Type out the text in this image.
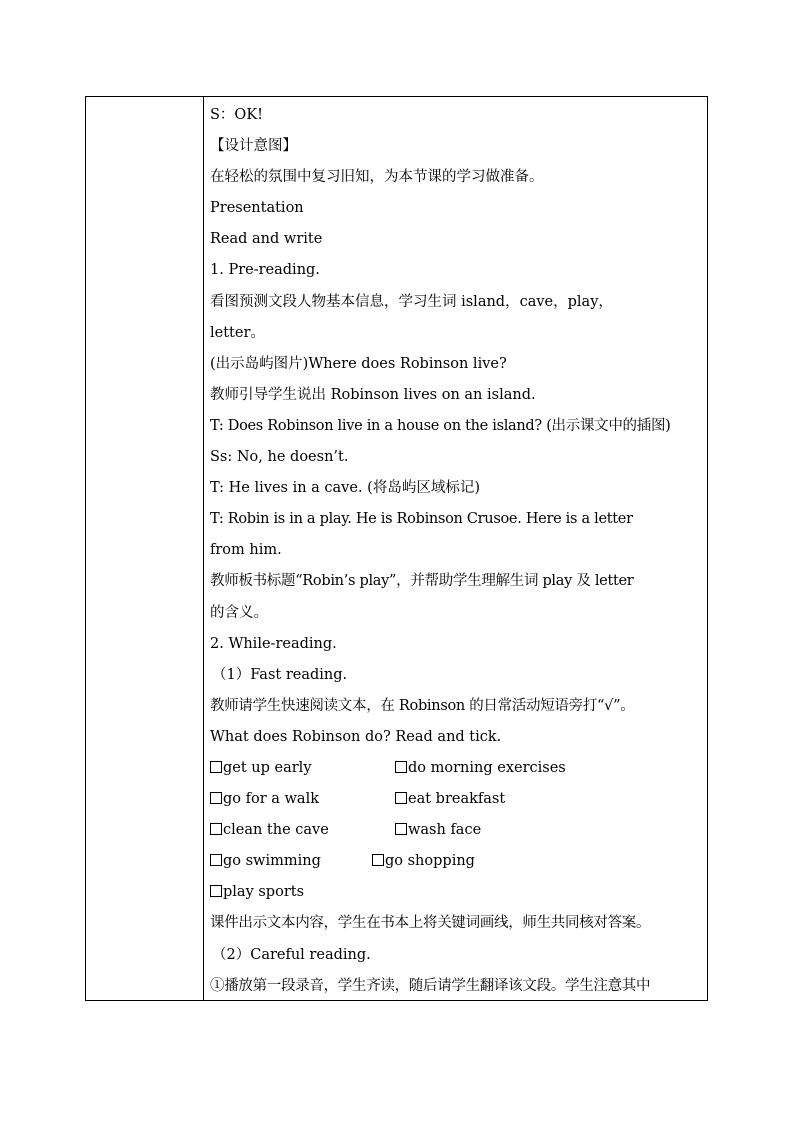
S：OK!
【设计意图】
在轻松的氛围中复习旧知，为本节课的学习做准备。
Presentation
Read and write
1. Pre-reading.
看图预测文段人物基本信息，学习生词 island，cave，play，
letter。
(出示岛屿图片)Where does Robinson live?
教师引导学生说出 Robinson lives on an island.
T: Does Robinson live in a house on the island? (出示课文中的插图)
Ss: No, he doesn’t.
T: He lives in a cave. (将岛屿区域标记)
T: Robin is in a play. He is Robinson Crusoe. Here is a letter
from him.
教师板书标题“Robin’s play”，并帮助学生理解生词 play 及 letter
的含义。
2. While-reading.
（1）Fast reading.
教师请学生快速阅读文本，在 Robinson 的日常活动短语旁打“√”。
What does Robinson do? Read and tick.
get up early	do morning exercises
go for a walk	eat breakfast
clean the cave	wash face
go swimming	go shopping
play sports
课件出示文本内容，学生在书本上将关键词画线，师生共同核对答案。
（2）Careful reading.
①播放第一段录音，学生齐读，随后请学生翻译该文段。学生注意其中
